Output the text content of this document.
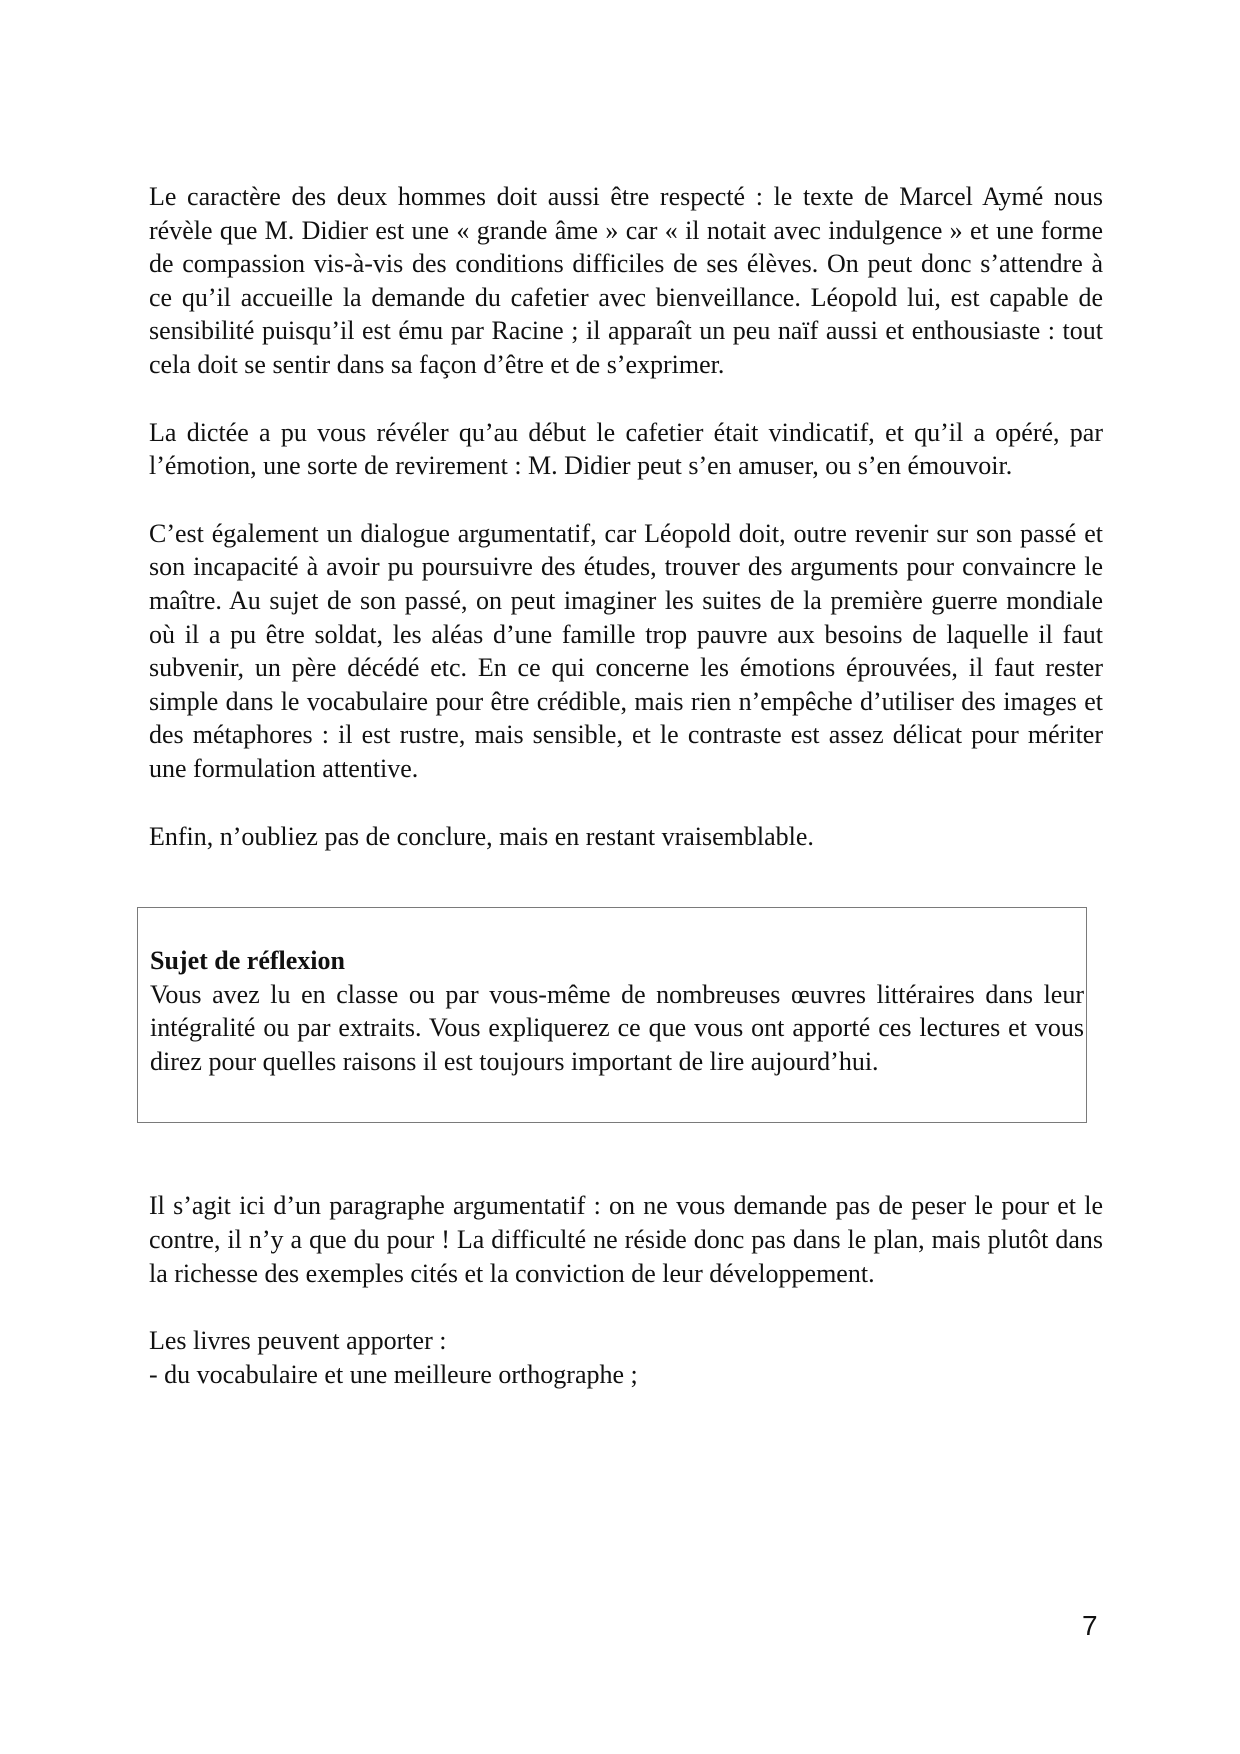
Le caractère des deux hommes doit aussi être respecté : le texte de Marcel Aymé nous révèle que M. Didier est une « grande âme » car « il notait avec indulgence » et une forme de compassion vis-à-vis des conditions difficiles de ses élèves. On peut donc s’attendre à ce qu’il accueille la demande du cafetier avec bienveillance. Léopold lui, est capable de sensibilité puisqu’il est ému par Racine ; il apparaît un peu naïf aussi et enthousiaste : tout cela doit se sentir dans sa façon d’être et de s’exprimer.

La dictée a pu vous révéler qu’au début le cafetier était vindicatif, et qu’il a opéré, par l’émotion, une sorte de revirement : M. Didier peut s’en amuser, ou s’en émouvoir.

C’est également un dialogue argumentatif, car Léopold doit, outre revenir sur son passé et son incapacité à avoir pu poursuivre des études, trouver des arguments pour convaincre le maître. Au sujet de son passé, on peut imaginer les suites de la première guerre mondiale où il a pu être soldat, les aléas d’une famille trop pauvre aux besoins de laquelle il faut subvenir, un père décédé etc. En ce qui concerne les émotions éprouvées, il faut rester simple dans le vocabulaire pour être crédible, mais rien n’empêche d’utiliser des images et des métaphores : il est rustre, mais sensible, et le contraste est assez délicat pour mériter une formulation attentive.

Enfin, n’oubliez pas de conclure, mais en restant vraisemblable.

Sujet de réflexion

Vous avez lu en classe ou par vous-même de nombreuses œuvres littéraires dans leur intégralité ou par extraits. Vous expliquerez ce que vous ont apporté ces lectures et vous direz pour quelles raisons il est toujours important de lire aujourd’hui.

Il s’agit ici d’un paragraphe argumentatif : on ne vous demande pas de peser le pour et le contre, il n’y a que du pour ! La difficulté ne réside donc pas dans le plan, mais plutôt dans la richesse des exemples cités et la conviction de leur développement.

Les livres peuvent apporter :

- du vocabulaire et une meilleure orthographe ;

7
